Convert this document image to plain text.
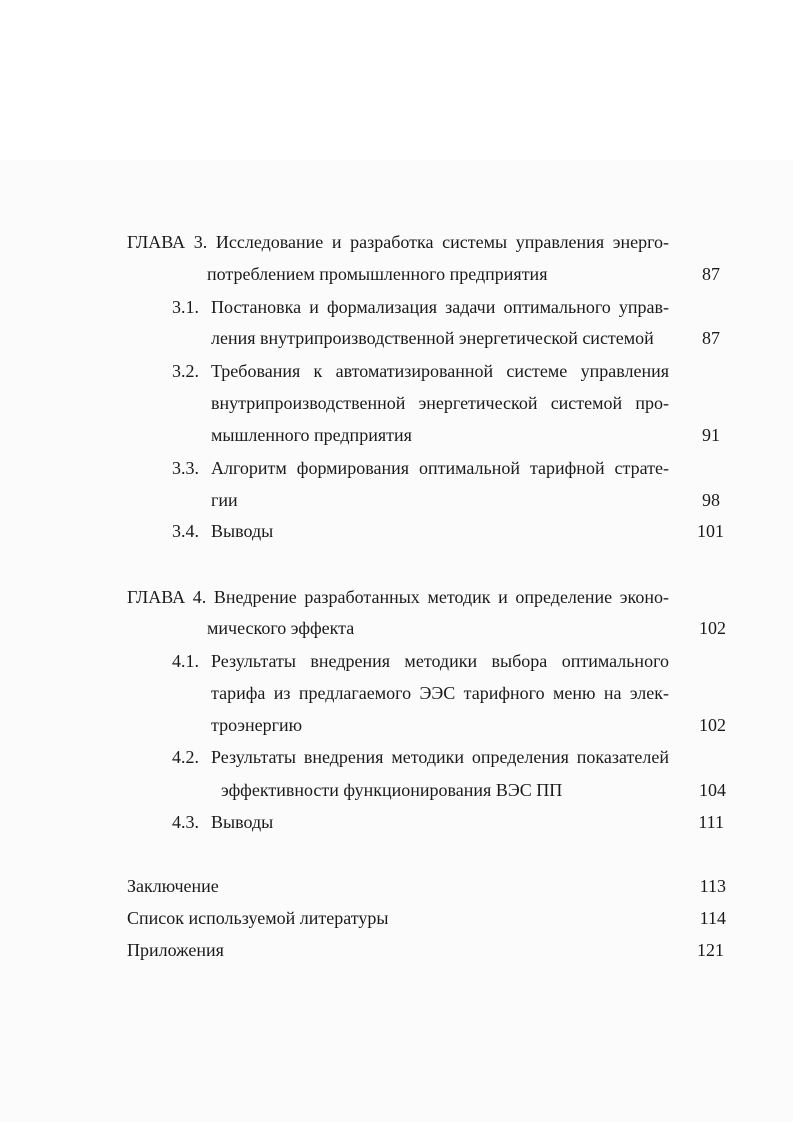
ГЛАВА 3. Исследование и разработка системы управления энерго-
потреблением промышленного предприятия	87
3.1. Постановка и формализация задачи оптимального управ-
ления внутрипроизводственной энергетической системой	87
3.2. Требования к автоматизированной системе управления
внутрипроизводственной энергетической системой про-
мышленного предприятия	91
3.3. Алгоритм формирования оптимальной тарифной страте-
гии	98
3.4. Выводы	101
ГЛАВА 4. Внедрение разработанных методик и определение эконо-
мического эффекта	102
4.1. Результаты внедрения методики выбора оптимального
тарифа из предлагаемого ЭЭС тарифного меню на элек-
троэнергию	102
4.2. Результаты внедрения методики определения показателей
эффективности функционирования ВЭС ПП	104
4.3. Выводы	111
Заключение	113
Список используемой литературы	114
Приложения	121
